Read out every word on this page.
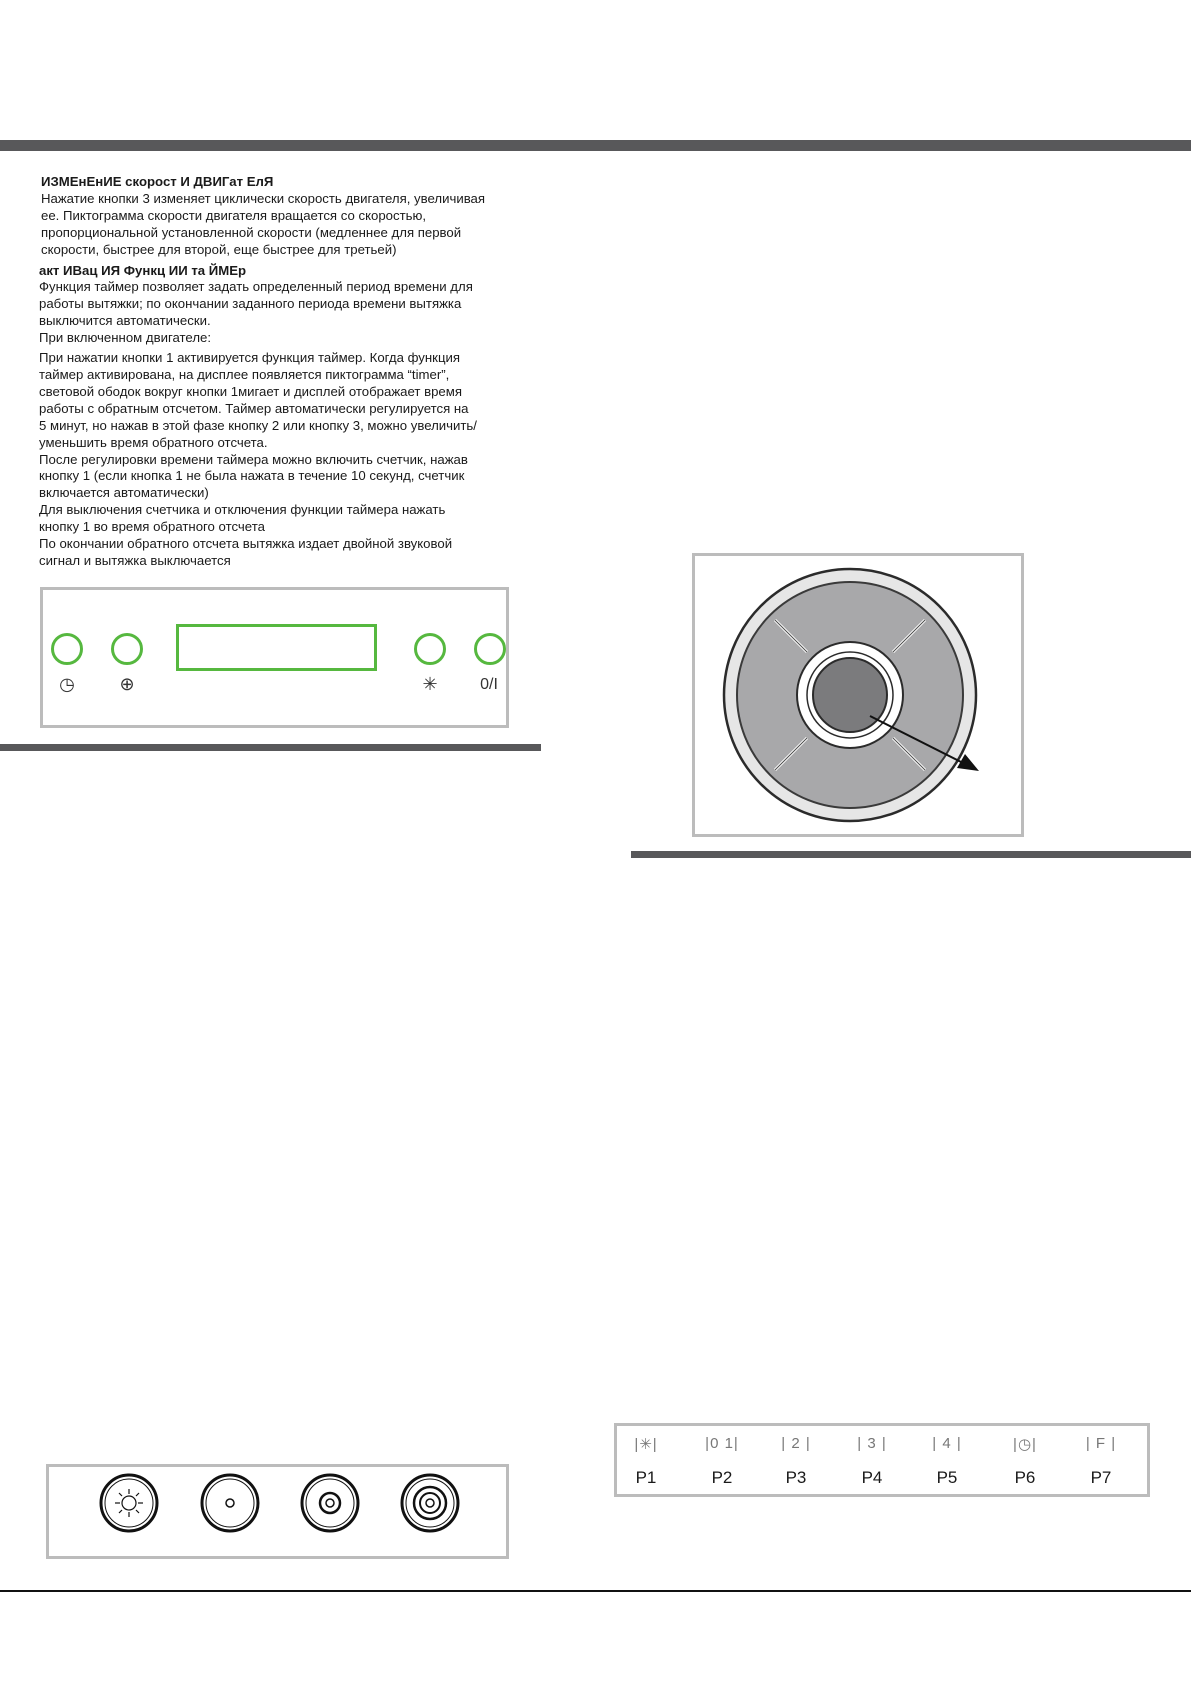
ИЗМЕнЕнИЕ скорост И ДВИГат ЕлЯ
Нажатие кнопки 3 изменяет циклически скорость двигателя, увеличивая
ее. Пиктограмма скорости двигателя вращается со скоростью,
пропорциональной установленной скорости (медленнее для первой
скорости, быстрее для второй, еще быстрее для третьей)
акт ИВац ИЯ Функц ИИ та ЙМЕр
Функция таймер позволяет задать определенный период времени для
работы вытяжки; по окончании заданного периода времени вытяжка
выключится автоматически.
При включенном двигателе:
При нажатии кнопки 1 активируется функция таймер. Когда функция
таймер активирована, на дисплее появляется пиктограмма “timer”,
световой ободок вокруг кнопки 1мигает и дисплей отображает время
работы с обратным отсчетом. Таймер автоматически регулируется на
5 минут, но нажав в этой фазе кнопку 2 или кнопку 3, можно увеличить/
уменьшить время обратного отсчета.
После регулировки времени таймера можно включить счетчик, нажав
кнопку 1 (если кнопка 1 не была нажата в течение 10 секунд, счетчик
включается автоматически)
Для выключения счетчика и отключения функции таймера нажать
кнопку 1 во время обратного отсчета
По окончании обратного отсчета вытяжка издает двойной звуковой
сигнал и вытяжка выключается
◷	⊕	✳	0/I
|✳|	|0 1|	| 2 |	| 3 |	| 4 |	|◷|	| F |
P1	P2	P3	P4	P5	P6	P7
